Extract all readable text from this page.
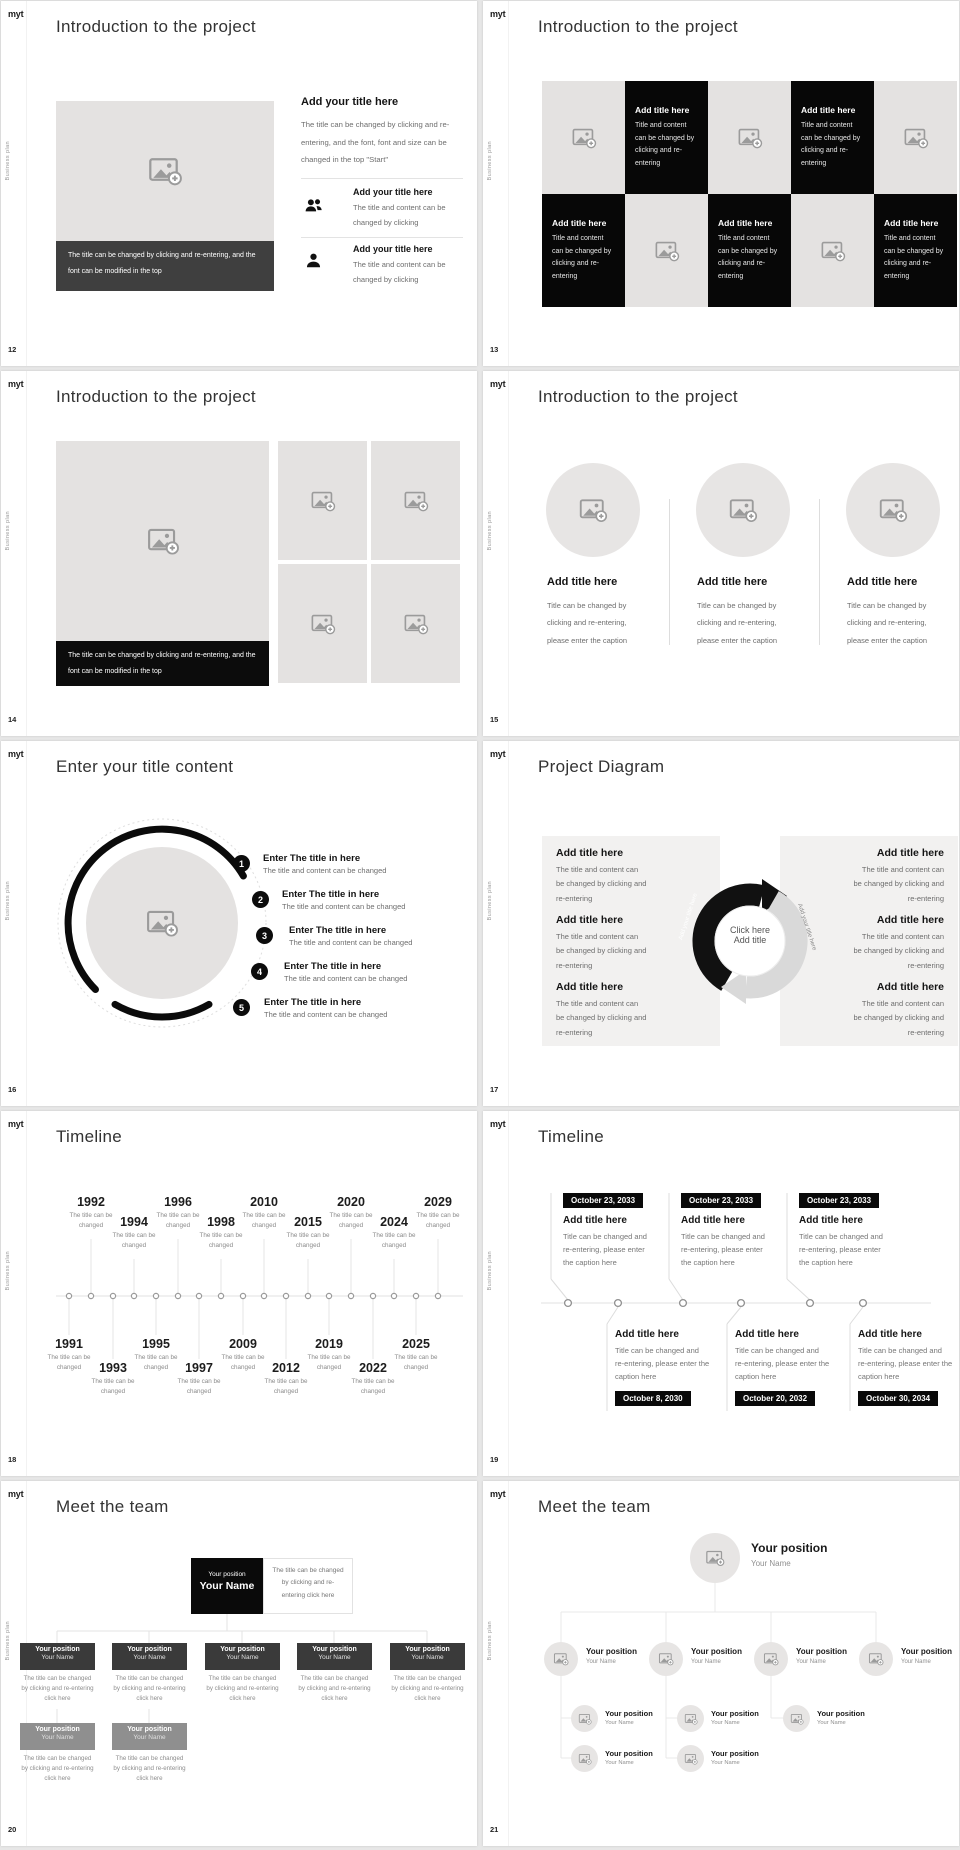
myt
Business plan
12
Introduction to the project
The title can be changed by clicking and re-entering, and the font can be modified in the top
Add your title here
The title can be changed by clicking and re-entering, and the font, font and size can be changed in the top "Start"
Add your title here
The title and content can be changed by clicking
Add your title here
The title and content can be changed by clicking
myt
Business plan
13
Introduction to the project
Add title here
Title and content can be changed by clicking and re-entering
Add title here
Title and content can be changed by clicking and re-entering
Add title here
Title and content can be changed by clicking and re-entering
Add title here
Title and content can be changed by clicking and re-entering
Add title here
Title and content can be changed by clicking and re-entering
myt
Business plan
14
Introduction to the project
The title can be changed by clicking and re-entering, and the font can be modified in the top
myt
Business plan
15
Introduction to the project
Add title here
Title can be changed by clicking and re-entering, please enter the caption
Add title here
Title can be changed by clicking and re-entering, please enter the caption
Add title here
Title can be changed by clicking and re-entering, please enter the caption
myt
Business plan
16
Enter your title content
1	Enter The title in here
The title and content can be changed
2	Enter The title in here
The title and content can be changed
3	Enter The title in here
The title and content can be changed
4	Enter The title in here
The title and content can be changed
5	Enter The title in here
The title and content can be changed
myt
Business plan
17
Project Diagram
Add title here
The title and content can be changed by clicking and re-entering
Add title here
The title and content can be changed by clicking and re-entering
Add title here
The title and content can be changed by clicking and re-entering
Add title here
The title and content can be changed by clicking and re-entering
Add title here
The title and content can be changed by clicking and re-entering
Add title here
The title and content can be changed by clicking and re-entering
Add your title here	Add your title here
Click here
Add title
myt
Business plan
18
Timeline
1992
The title can be changed	1994
The title can be changed
1996
The title can be changed	1998
The title can be changed
2010
The title can be changed	2015
The title can be changed
2020
The title can be changed	2024
The title can be changed
2029
The title can be changed
1991
The title can be changed	1993
The title can be changed
1995
The title can be changed	1997
The title can be changed
2009
The title can be changed	2012
The title can be changed
2019
The title can be changed	2022
The title can be changed
2025
The title can be changed
myt
Business plan
19
Timeline
October 23, 2033
Add title here
Title can be changed and re-entering, please enter the caption here
October 23, 2033
Add title here
Title can be changed and re-entering, please enter the caption here
October 23, 2033
Add title here
Title can be changed and re-entering, please enter the caption here
Add title here
Title can be changed and re-entering, please enter the caption here
October 8, 2030
Add title here
Title can be changed and re-entering, please enter the caption here
October 20, 2032
Add title here
Title can be changed and re-entering, please enter the caption here
October 30, 2034
myt
Business plan
20
Meet the team
Your position
Your Name
The title can be changed by clicking and re-entering click here
Your position
Your Name
The title can be changed by clicking and re-entering click here
Your position
Your Name
The title can be changed by clicking and re-entering click here
Your position
Your Name
The title can be changed by clicking and re-entering click here
Your position
Your Name
The title can be changed by clicking and re-entering click here
Your position
Your Name
The title can be changed by clicking and re-entering click here
Your position
Your Name
The title can be changed by clicking and re-entering click here
Your position
Your Name
The title can be changed by clicking and re-entering click here
myt
Business plan
21
Meet the team
Your position
Your Name
Your position
Your Name
Your position
Your Name
Your position
Your Name
Your position
Your Name
Your position
Your Name
Your position
Your Name
Your position
Your Name
Your position
Your Name
Your position
Your Name
